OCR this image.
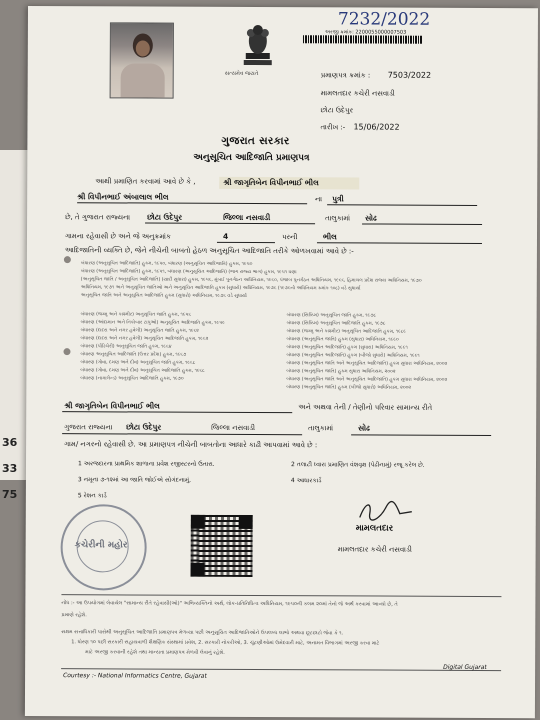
36
33
75
7232/2022
અરજી ક્રમાંક: 2200055000007503
સત્યમેવ જયતે	પ્રમાણપત્ર ક્રમાંક : 7503/2022
મામલતદાર કચેરી નસવાડી
છોટા ઉદેપુર
તારીખ :- 15/06/2022
ગુજરાત સરકાર
અનુસૂચિત આદિજાતિ પ્રમાણપત્ર
આથી પ્રમાણિત કરવામાં આવે છે કે ,	શ્રી જાગૃતિબેન વિપીનભાઈ ભીલ
શ્રી વિપીનભાઈ અંબાલાલ ભીલ	ના પુત્રી
છે, તે ગુજરાત રાજ્યના છોટા ઉદેપુર	જિલ્લા નસવાડી	તાલુકામાં સોઢ
ગામના રહેવાસી છે અને જે અનુક્રમાંક	4	પરની	ભીલ
આદિજાતિની વ્યક્તિ છે, જેને નીચેની બાબતો હેઠળ અનુસૂચિત આદિજાતિ તરીકે ઓળખવામાં આવે છે :-
બંધારણ (અનુસૂચિત આદિજાતિ) હુકમ, ૧૯૫૦, બંધારણ (અનુસૂચિત આદિજાતિ) હુકમ, ૧૯૫૦
બંધારણ (અનુસૂચિત આદિજાતિ) હુકમ, ૧૯૫૧, બંધારણ (અનુસૂચિત આદિજાતિ) (ભાગ રાજ્ય ભાગ) હુકમ, ૧૯૫૧ ઘણા
(અનુસૂચિત જાતિ / અનુસૂચિત આદિજાતિ) (યાદી સુધારા) હુકમ, ૧૯૫૬, મુંબઈ પુનર્ગઠન અધિનિયમ, ૧૯૬૦, પંજાબ પુનર્ગઠન અધિનિયમ, ૧૯૬૬, હિમાચલ પ્રદેશ રાજ્ય અધિનિયમ, ૧૯૭૦
અધિનિયમ, ૧૯૭૧ અને અનુસૂચિત જાતિઓ અને અનુસૂચિત આદિજાતિ હુકમ (સુધારો) અધિનિયમ, ૧૯૭૬ (૧૯૭૬નો અધિનિયમ ક્રમાંક ૧૦૮) વડે સુધાર્યા
અનુસૂચિત જાતિ અને અનુસૂચિત આદિજાતિ હુકમ (સુધારો) અધિનિયમ, ૧૯૭૬ વડે સુધાર્યા
બંધારણ (જમ્મુ અને કાશ્મીર) અનુસૂચિત જાતિ હુકમ, ૧૯૫૬
બંધારણ (આંદામાન અને નિકોબાર ટાપુઓ) અનુસૂચિત આદિજાતિ હુકમ, ૧૯૫૯
બંધારણ (દાદરા અને નગર હવેલી) અનુસૂચિત જાતિ હુકમ, ૧૯૬૨
બંધારણ (દાદરા અને નગર હવેલી) અનુસૂચિત આદિજાતિ હુકમ, ૧૯૬૨
બંધારણ (પોંડિચેરી) અનુસૂચિત જાતિ હુકમ, ૧૯૬૪
બંધારણ અનુસૂચિત આદિજાતિ (ઉત્તર પ્રદેશ) હુકમ, ૧૯૬૭
બંધારણ (ગોવા, દમણ અને દીવ) અનુસૂચિત જાતિ હુકમ, ૧૯૬૮
બંધારણ (ગોવા, દમણ અને દીવ) અનુસૂચિત આદિજાતિ હુકમ, ૧૯૬૮
બંધારણ (નાગાલેન્ડ) અનુસૂચિત આદિજાતિ હુકમ, ૧૯૭૦
બંધારણ (સિક્કિમ) અનુસૂચિત જાતિ હુકમ, ૧૯૭૮
બંધારણ (સિક્કિમ) અનુસૂચિત આદિજાતિ હુકમ, ૧૯૭૮
બંધારણ (જમ્મુ અને કાશ્મીર) અનુસૂચિત આદિજાતિ હુકમ, ૧૯૮૯
બંધારણ (અનુસૂચિત જાતિ) હુકમ (સુધારા) અધિનિયમ, ૧૯૯૦
બંધારણ (અનુસૂચિત આદિજાતિ) હુકમ (સુધારા) અધિનિયમ, ૧૯૯૧
બંધારણ (અનુસૂચિત આદિજાતિ) હુકમ (બીજો સુધારો) અધિનિયમ, ૧૯૯૧
બંધારણ (અનુસૂચિત જાતિ અને અનુસૂચિત આદિજાતિ) હુકમ સુધારા અધિનિયમ, ૨૦૦૨
બંધારણ (અનુસૂચિત જાતિ) હુકમ સુધારા અધિનિયમ, ૨૦૦૨
બંધારણ (અનુસૂચિત જાતિ અને અનુસૂચિત આદિજાતિ) હુકમ સુધારા અધિનિયમ, ૨૦૦૨
બંધારણ (અનુસૂચિત જાતિ) હુકમ (બીજો સુધારો) અધિનિયમ, ૨૦૦૨
શ્રી જાગૃતિબેન વિપીનભાઈ ભીલ	અને અથવા તેની / તેણીનો પરિવાર સામાન્ય રીતે
ગુજરાત રાજ્યના છોટા ઉદેપુર	જિલ્લા નસવાડી	તાલુકામાં	સોઢ
ગામ/ નગરનો રહેવાસી છે. આ પ્રમાણપત્ર નીચેની બાબતોના આધારે કાઢી આપવામાં આવે છે :
1 અરજદારના પ્રાથમિક શાળાના પ્રવેશ રજીસ્ટરનો ઉતારા.	2 તલાટી ધ્વારા પ્રમાણિત વંશવૃક્ષ (પેઢીનામું) રજૂ કરેલ છે.
3 નમૂના ૭-૧૨માં આ જાતિ જોઈએ સોગંદનામું.	4 આધારકાર્ડ
5 રેશન કાર્ડ
કચેરીની મહોર
મામલતદાર
મામલતદાર કચેરી નસવાડી
નોંધ :- આ ઉપયોગમાં લેવાયેલ "સામાન્ય રીતે રહેવાસી(ઓ)" અભિવ્યક્તિનો અર્થ, લોક-પ્રતિનિધિત્વ અધિનિયમ, ૧૯૫૦ની કલમ ૨૦માં તેનો જે અર્થ કરવામાં આવ્યો છે, તે
પ્રમાણે રહેશે.
સક્ષમ સત્તાધિકારી પાસેથી અનુસૂચિત આદિજાતિ પ્રમાણપત્ર મેળવ્યા પછી અનુસૂચિત આદિજાતિઓને ઉપલબ્ધ લાભો અથવા છૂટછાટો જેવા કે ૧.
1. ધોરણ ૧૦ પછી સરકારી સહાયવાળી શૈક્ષણિક સંસ્થામાં પ્રવેશ, 2. સરકારી નોકરીઓ, 3. ચૂંટણીઓમાં ઉમેદવારી માટે, અનામત વિભાગમાં અરજી કરવા માટે
માટે અરજી કરવાની રહેશે તથા માન્યતા પ્રમાણપત્ર મેળવી લેવાનું રહેશે.
Courtesy :- National Informatics Centre, Gujarat
Digital Gujarat
